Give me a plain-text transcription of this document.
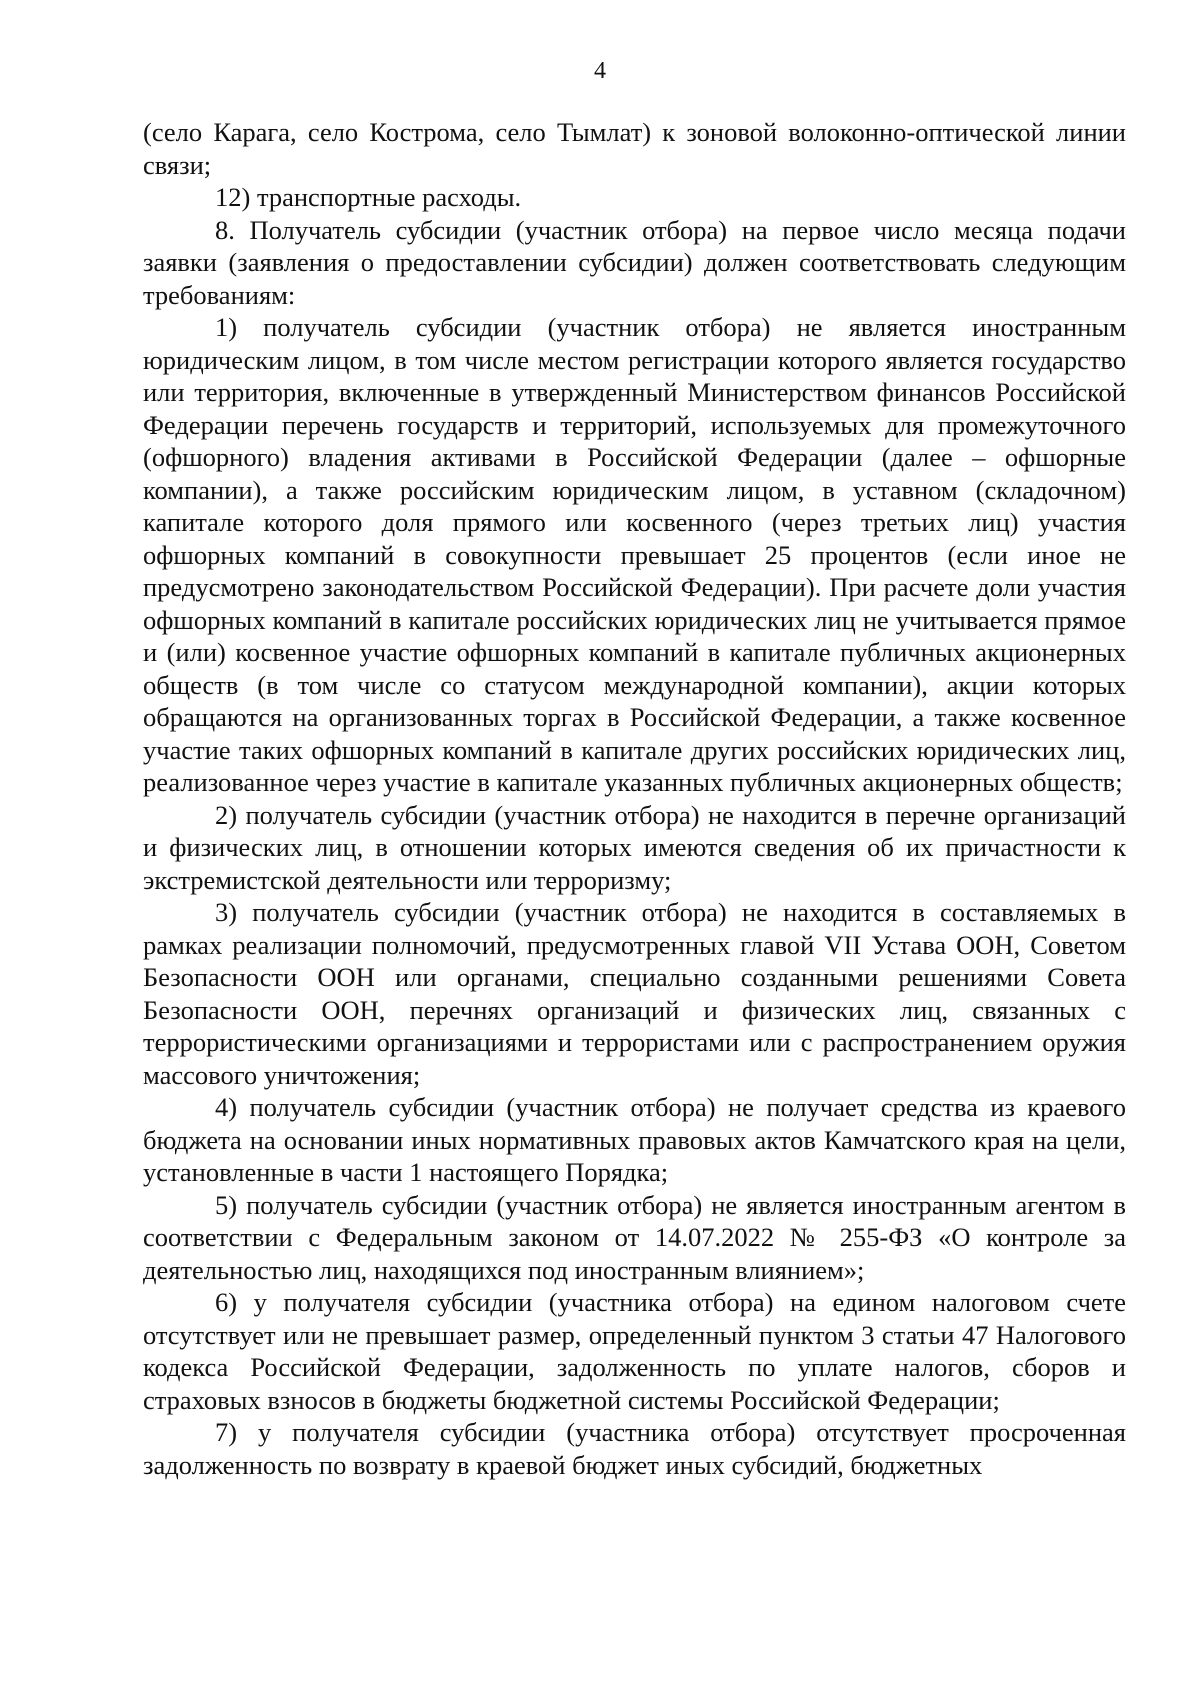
4

(село Карага, село Кострома, село Тымлат) к зоновой волоконно-оптической линии связи;

12) транспортные расходы.

8. Получатель субсидии (участник отбора) на первое число месяца подачи заявки (заявления о предоставлении субсидии) должен соответствовать следующим требованиям:

1) получатель субсидии (участник отбора) не является иностранным юридическим лицом, в том числе местом регистрации которого является государство или территория, включенные в утвержденный Министерством финансов Российской Федерации перечень государств и территорий, используемых для промежуточного (офшорного) владения активами в Российской Федерации (далее – офшорные компании), а также российским юридическим лицом, в уставном (складочном) капитале которого доля прямого или косвенного (через третьих лиц) участия офшорных компаний в совокупности превышает 25 процентов (если иное не предусмотрено законодательством Российской Федерации). При расчете доли участия офшорных компаний в капитале российских юридических лиц не учитывается прямое и (или) косвенное участие офшорных компаний в капитале публичных акционерных обществ (в том числе со статусом международной компании), акции которых обращаются на организованных торгах в Российской Федерации, а также косвенное участие таких офшорных компаний в капитале других российских юридических лиц, реализованное через участие в капитале указанных публичных акционерных обществ;

2) получатель субсидии (участник отбора) не находится в перечне организаций и физических лиц, в отношении которых имеются сведения об их причастности к экстремистской деятельности или терроризму;

3) получатель субсидии (участник отбора) не находится в составляемых в рамках реализации полномочий, предусмотренных главой VII Устава ООН, Советом Безопасности ООН или органами, специально созданными решениями Совета Безопасности ООН, перечнях организаций и физических лиц, связанных с террористическими организациями и террористами или с распространением оружия массового уничтожения;

4) получатель субсидии (участник отбора) не получает средства из краевого бюджета на основании иных нормативных правовых актов Камчатского края на цели, установленные в части 1 настоящего Порядка;

5) получатель субсидии (участник отбора) не является иностранным агентом в соответствии с Федеральным законом от 14.07.2022 № 255-ФЗ «О контроле за деятельностью лиц, находящихся под иностранным влиянием»;

6) у получателя субсидии (участника отбора) на едином налоговом счете отсутствует или не превышает размер, определенный пунктом 3 статьи 47 Налогового кодекса Российской Федерации, задолженность по уплате налогов, сборов и страховых взносов в бюджеты бюджетной системы Российской Федерации;

7) у получателя субсидии (участника отбора) отсутствует просроченная задолженность по возврату в краевой бюджет иных субсидий, бюджетных
